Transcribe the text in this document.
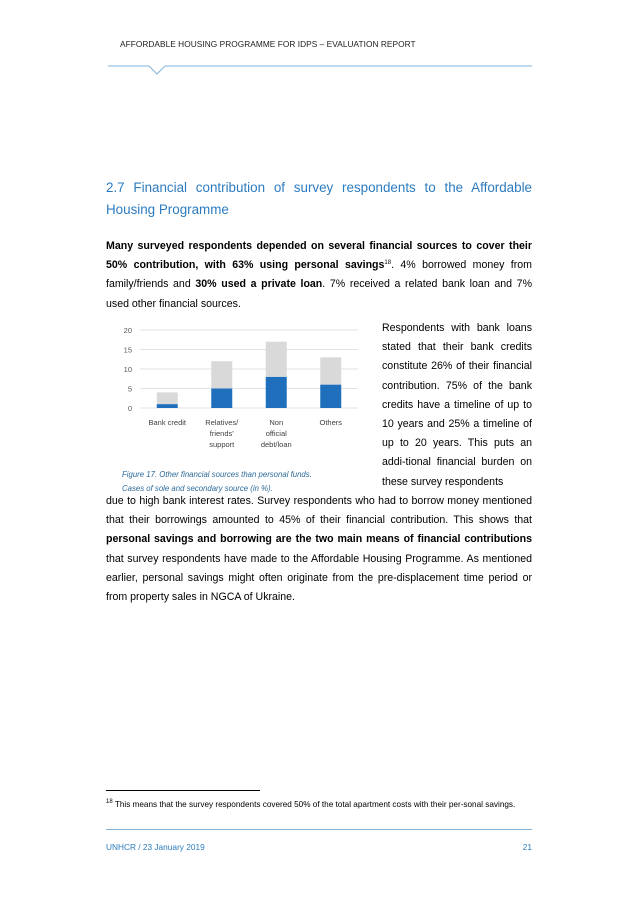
AFFORDABLE HOUSING PROGRAMME FOR IDPS – EVALUATION REPORT
2.7 Financial contribution of survey respondents to the Affordable Housing Programme

Many surveyed respondents depended on several financial sources to cover their 50% contribution, with 63% using personal savings$^{18}$. 4% borrowed money from family/friends and 30% used a private loan. 7% received a related bank loan and 7% used other financial sources.

0
5
10
15
20
Bank credit	Relatives/ friends' support
Non official debt/loan
Others
Figure 17. Other financial sources than personal funds.
Cases of sole and secondary source (in %).

Respondents with bank loans stated that their bank credits constitute 26% of their financial contribution. 75% of the bank credits have a timeline of up to 10 years and 25% a timeline of up to 20 years. This puts an addi-tional financial burden on these survey respondents

due to high bank interest rates. Survey respondents who had to borrow money mentioned that their borrowings amounted to 45% of their financial contribution. This shows that personal savings and borrowing are the two main means of financial contributions that survey respondents have made to the Affordable Housing Programme. As mentioned earlier, personal savings might often originate from the pre-displacement time period or from property sales in NGCA of Ukraine.

$^{18}$ This means that the survey respondents covered 50% of the total apartment costs with their per-sonal savings.
UNHCR / 23 January 2019	21
